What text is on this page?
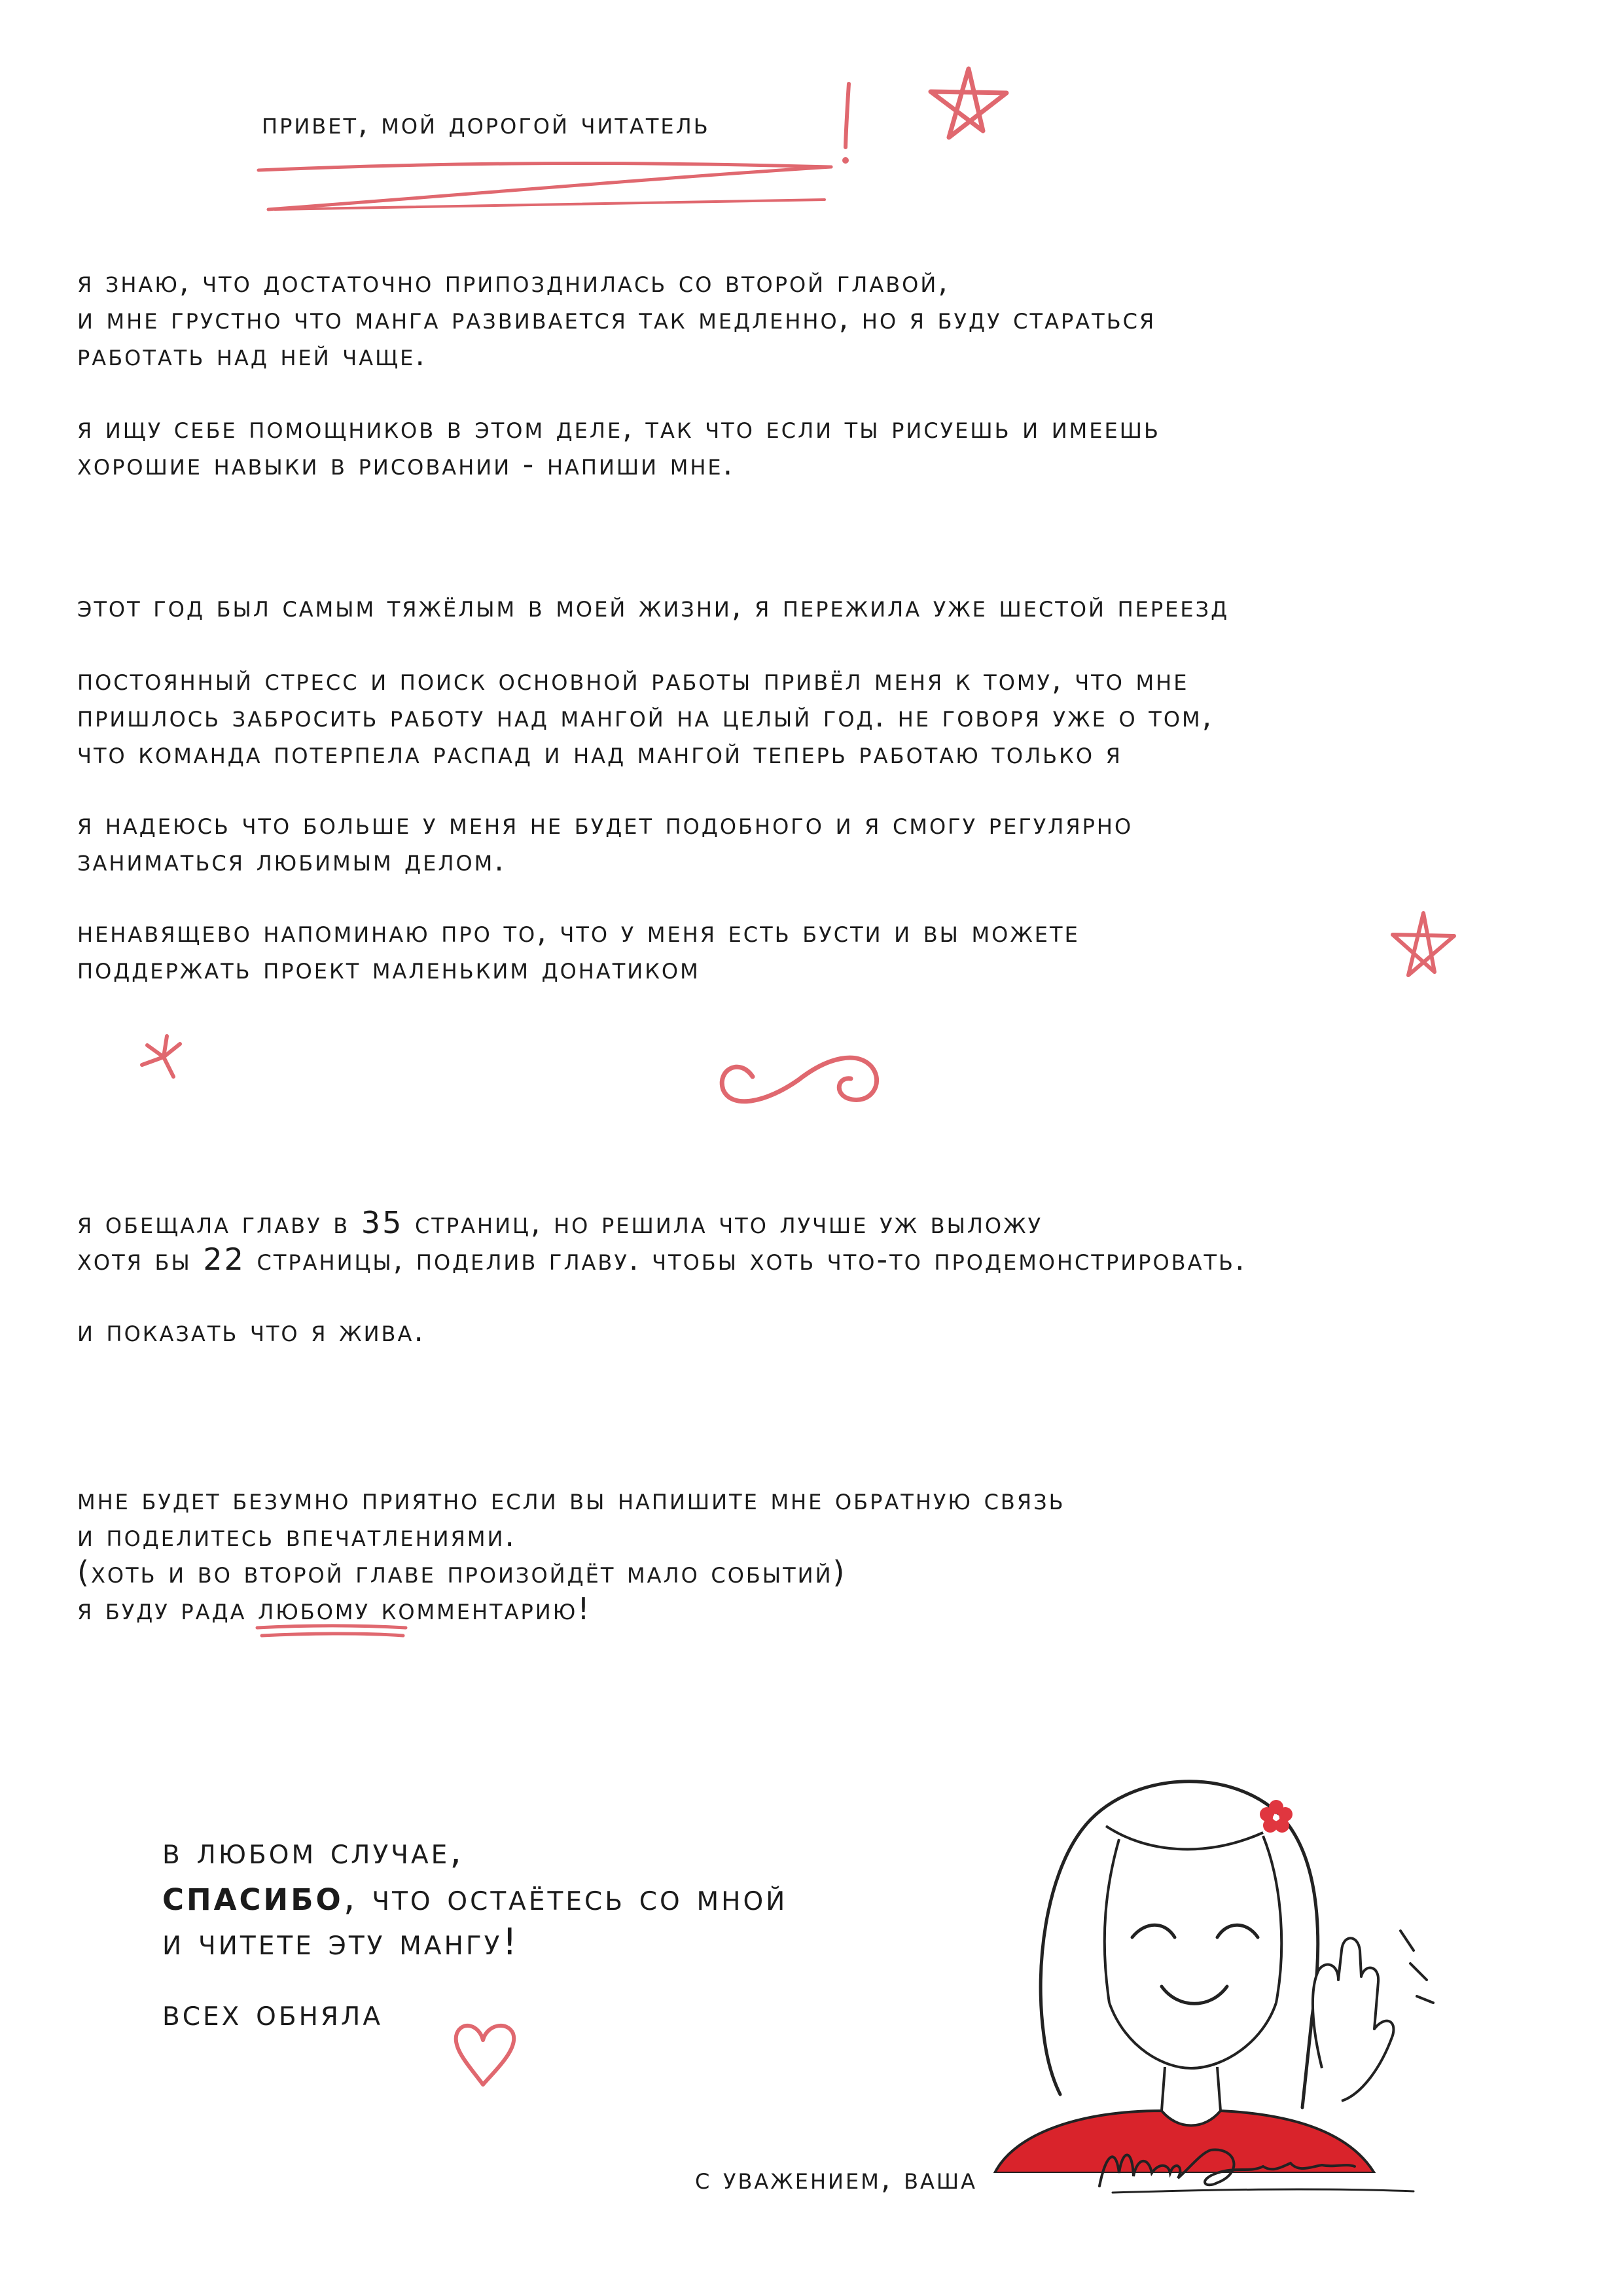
привет, мой дорогой читатель
я знаю, что достаточно припозднилась со второй главой,
и мне грустно что манга развивается так медленно, но я буду стараться
работать над ней чаще.
я ищу себе помощников в этом деле, так что если ты рисуешь и имеешь
хорошие навыки в рисовании - напиши мне.
этот год был самым тяжёлым в моей жизни, я пережила уже шестой переезд
постоянный стресс и поиск основной работы привёл меня к тому, что мне
пришлось забросить работу над мангой на целый год. не говоря уже о том,
что команда потерпела распад и над мангой теперь работаю только я
я надеюсь что больше у меня не будет подобного и я смогу регулярно
заниматься любимым делом.
ненавящево напоминаю про то, что у меня есть бусти и вы можете
поддержать проект маленьким донатиком
я обещала главу в 35 страниц, но решила что лучше уж выложу
хотя бы 22 страницы, поделив главу. чтобы хоть что-то продемонстрировать.
и показать что я жива.
мне будет безумно приятно если вы напишите мне обратную связь
и поделитесь впечатлениями.
(хоть и во второй главе произойдёт мало событий)
я буду рада любому
комментарию!
в любом случае,
спасибо, что остаётесь со мной
и читете эту мангу!
всех обняла
с уважением, ваша
